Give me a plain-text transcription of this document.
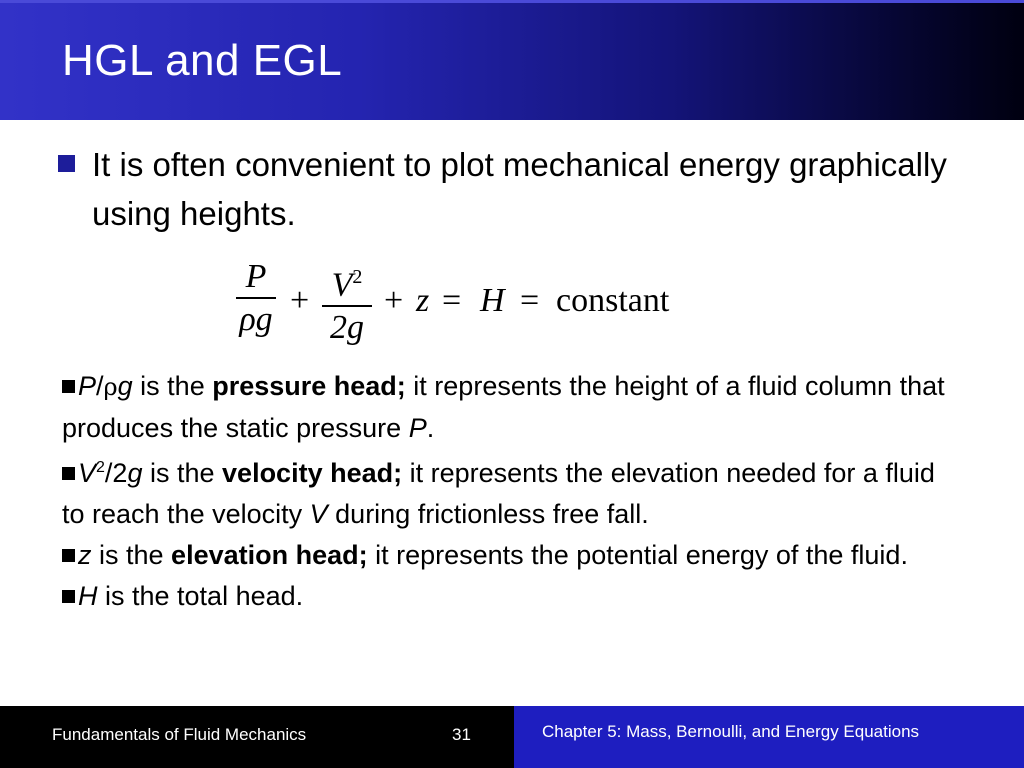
HGL and EGL
It is often convenient to plot mechanical energy graphically using heights.
P
$\rho g + V^2$
2g
+ z = H = constant
P/ρg is the pressure head; it represents the height of a fluid column that produces the static pressure P.
$V^2/2g$ is the velocity head; it represents the elevation needed for a fluid to reach the velocity V during frictionless free fall.
z is the elevation head; it represents the potential energy of the fluid.
H is the total head.
Fundamentals of Fluid Mechanics	31	Chapter 5: Mass, Bernoulli, and Energy Equations
